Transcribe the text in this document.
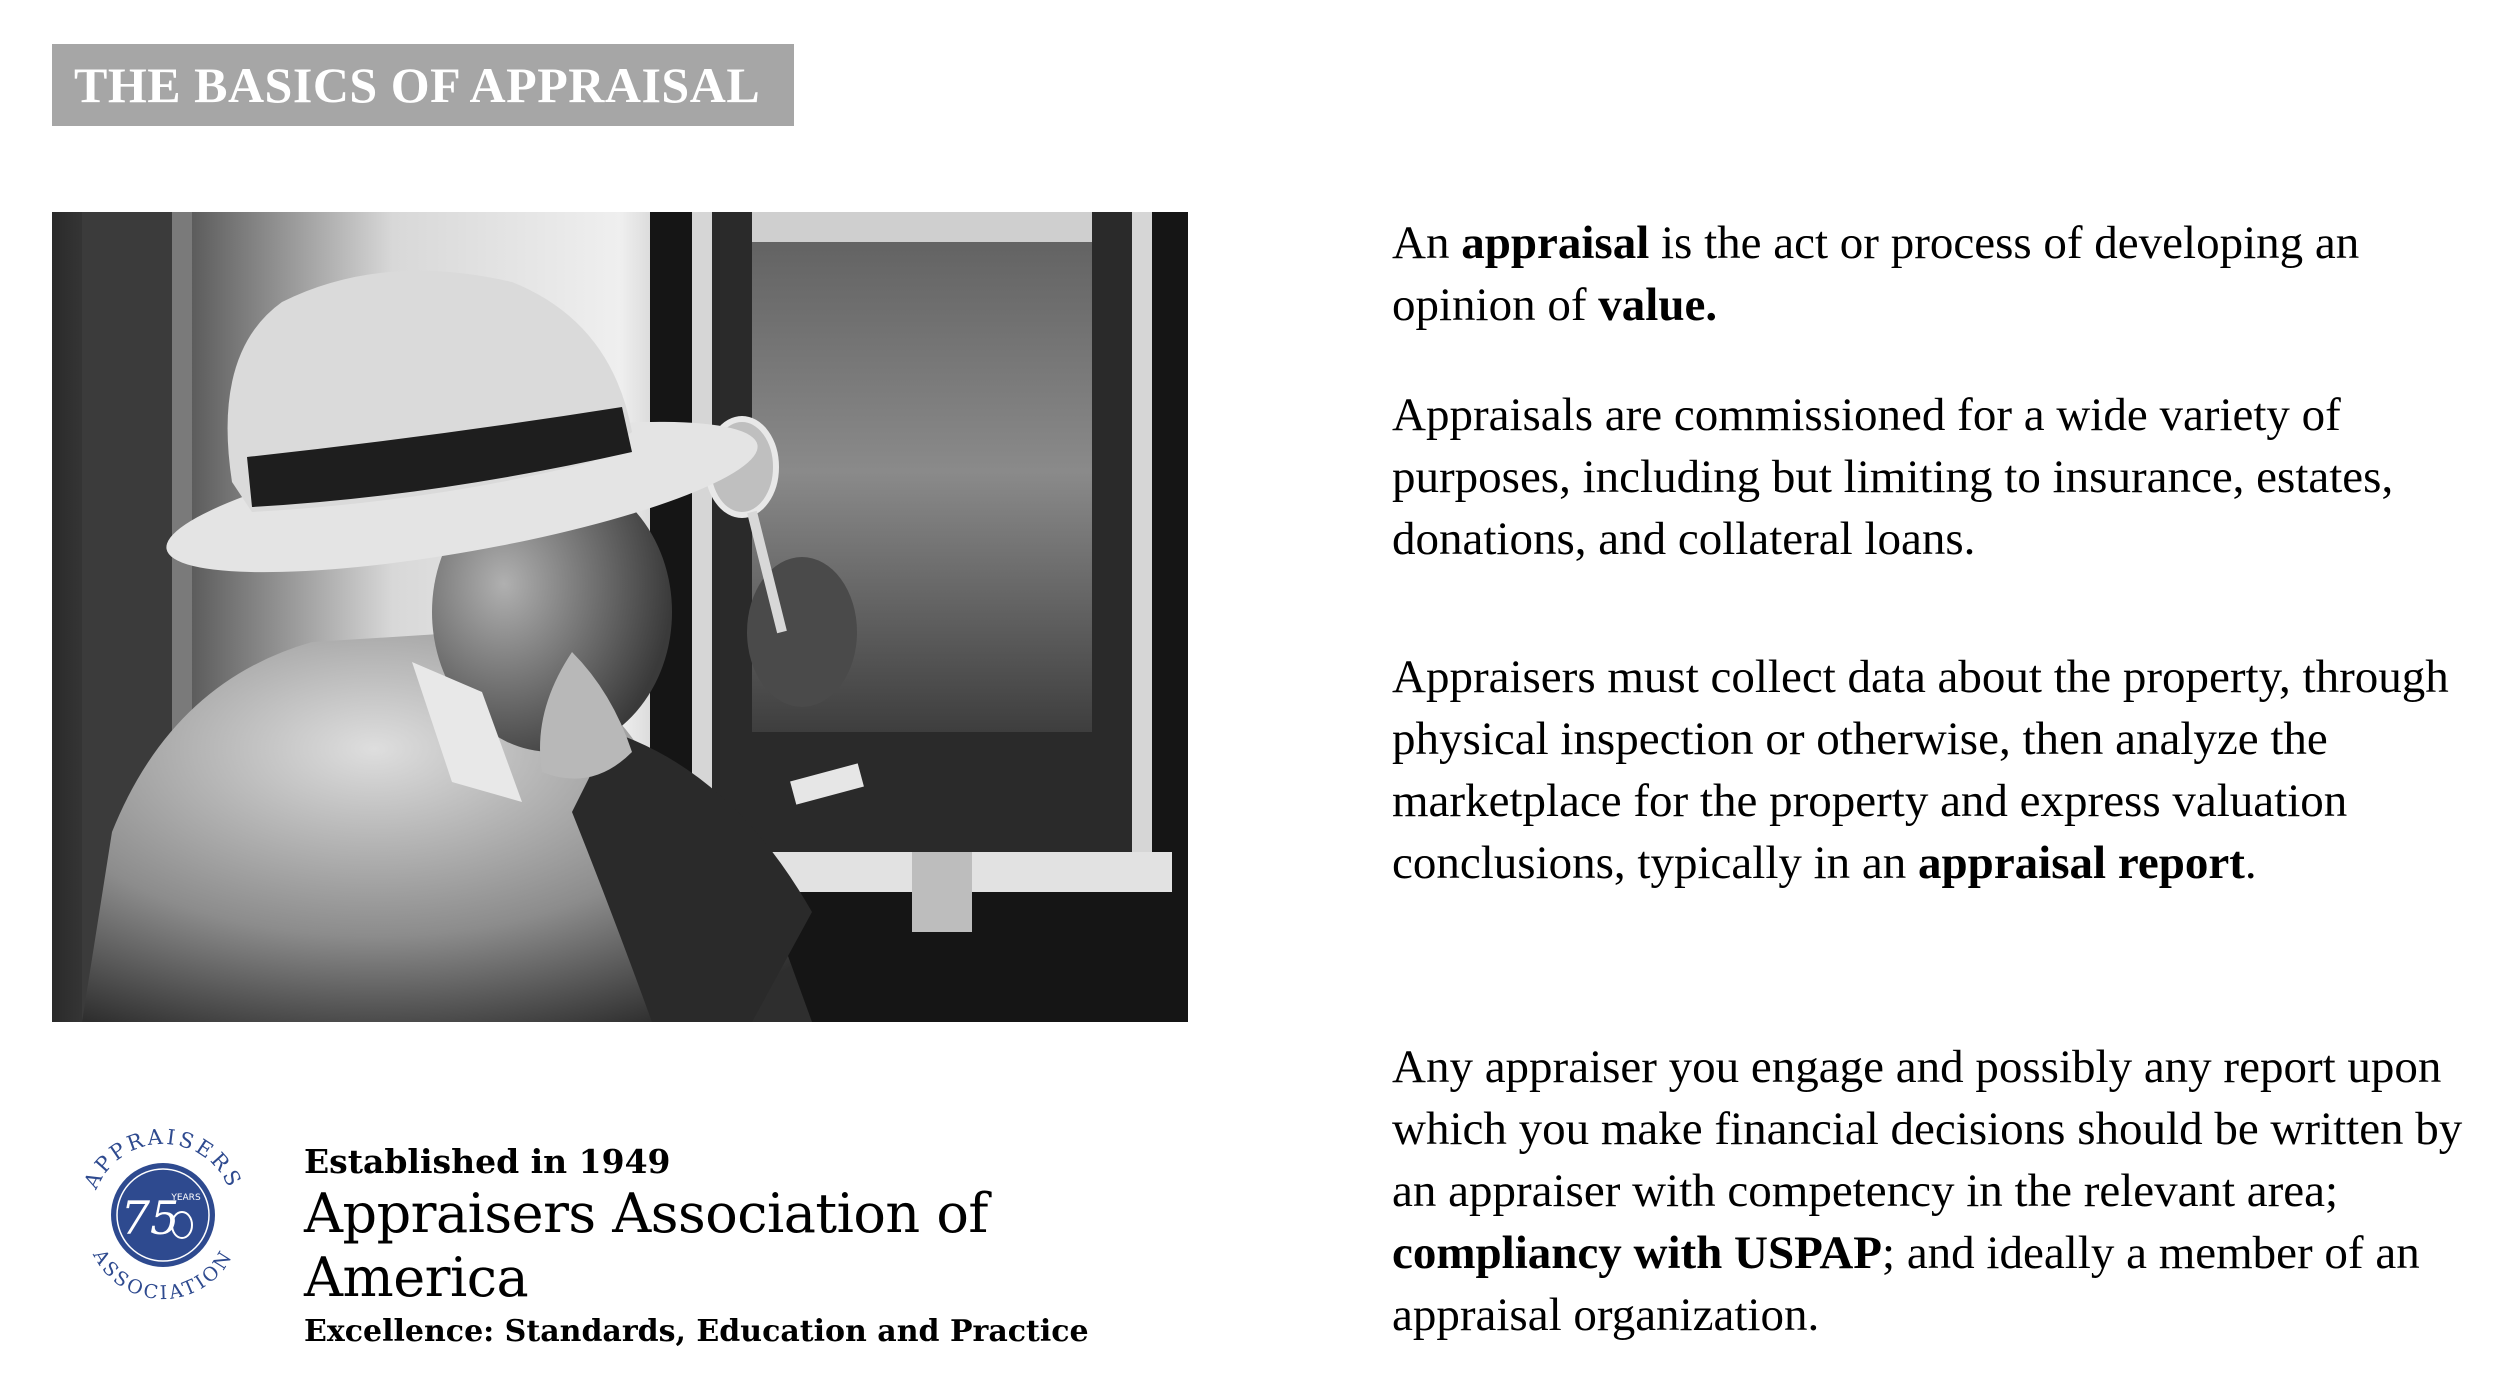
THE BASICS OF APPRAISAL

An appraisal is the act or process of developing an opinion of value.

Appraisals are commissioned for a wide variety of purposes, including but limiting to insurance, estates, donations, and collateral loans.

Appraisers must collect data about the property, through physical inspection or otherwise, then analyze the marketplace for the property and express valuation conclusions, typically in an appraisal report.

Any appraiser you engage and possibly any report upon which you make financial decisions should be written by an appraiser with competency in the relevant area; compliancy with USPAP; and ideally a member of an appraisal organization.

APPRAISERS
ASSOCIATION
75
YEARS
Established in 1949
Appraisers Association of America
Excellence: Standards, Education and Practice
